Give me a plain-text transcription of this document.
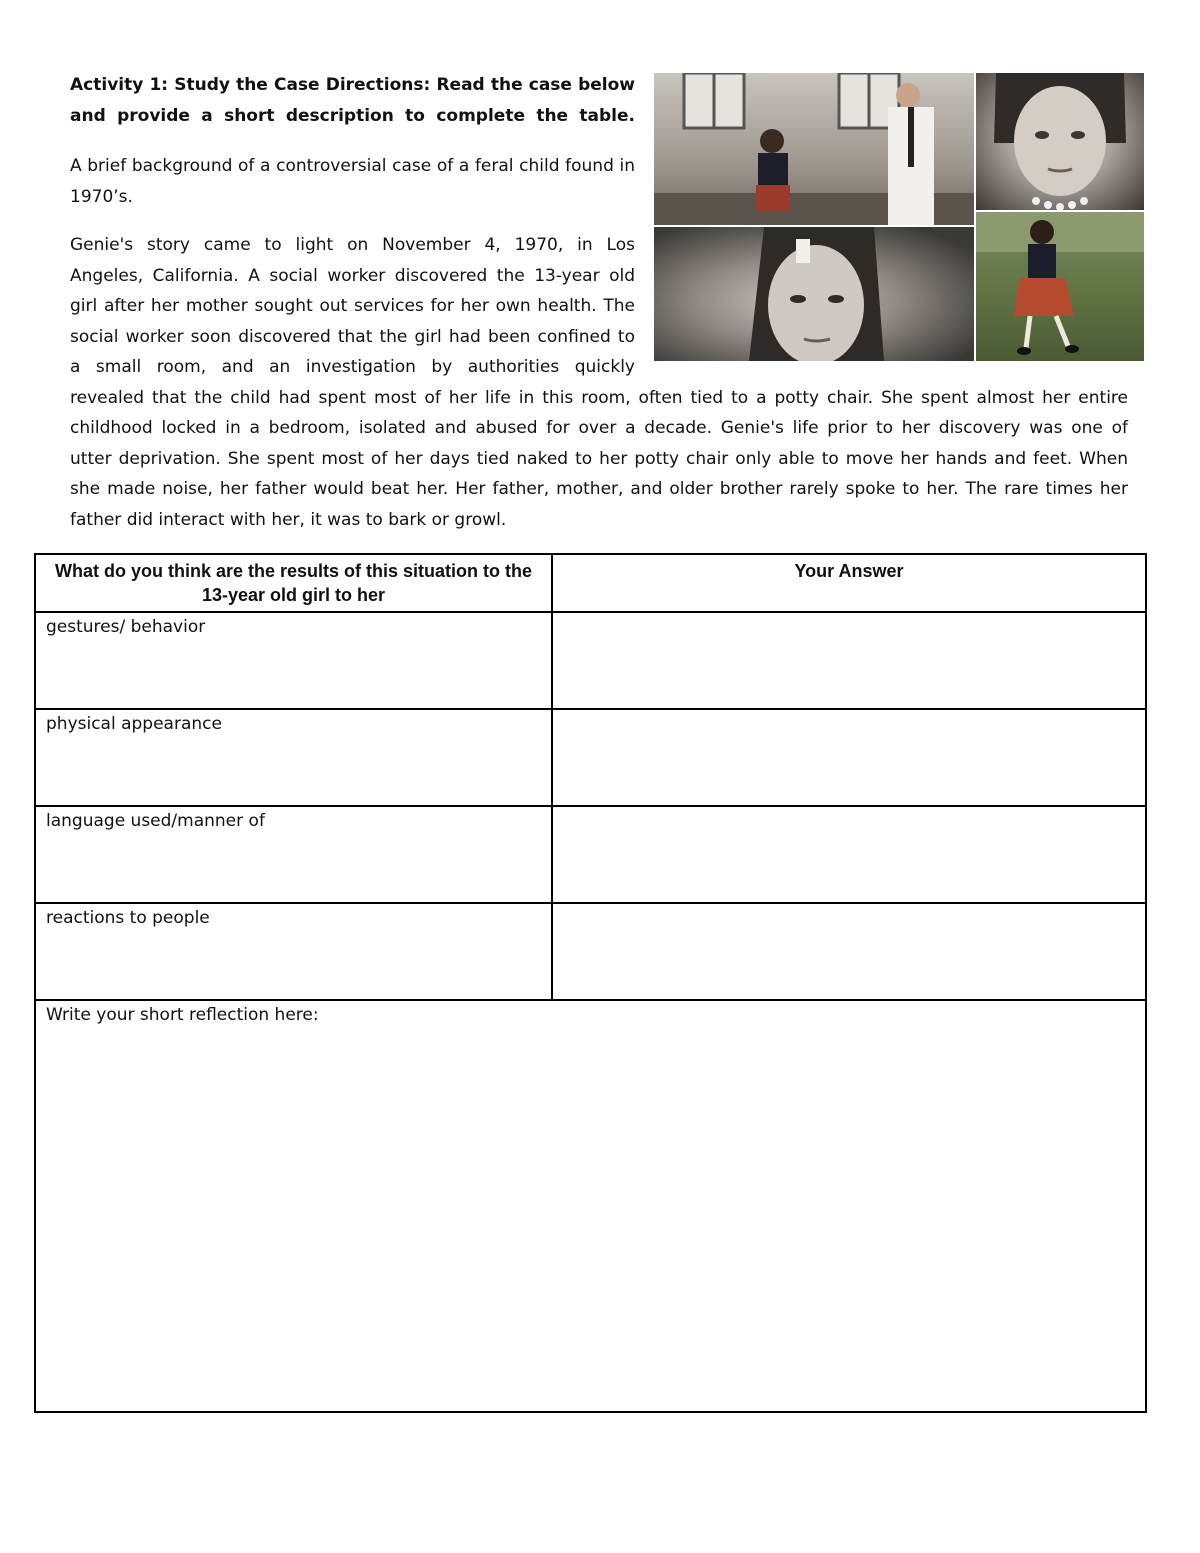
Activity 1: Study the Case Directions: Read the case below and provide a short description to complete the table.
A brief background of a controversial case of a feral child found in 1970’s.
Genie's story came to light on November 4, 1970, in Los
Angeles, California. A social worker discovered the 13-year old
girl after her mother sought out services for her own health. The
social worker soon discovered that the girl had been confined to
a small room, and an investigation by authorities quickly
revealed that the child had spent most of her life in this room, often tied to a potty chair. She spent almost her entire
childhood locked in a bedroom, isolated and abused for over a decade. Genie's life prior to her discovery was one of
utter deprivation. She spent most of her days tied naked to her potty chair only able to move her hands and feet. When
she made noise, her father would beat her. Her father, mother, and older brother rarely spoke to her. The rare times her
father did interact with her, it was to bark or growl.
What do you think are the results of this situation to the 13-year old girl to her	Your Answer
gestures/ behavior	
physical appearance	
language used/manner of	
reactions to people	
Write your short reflection here:	
